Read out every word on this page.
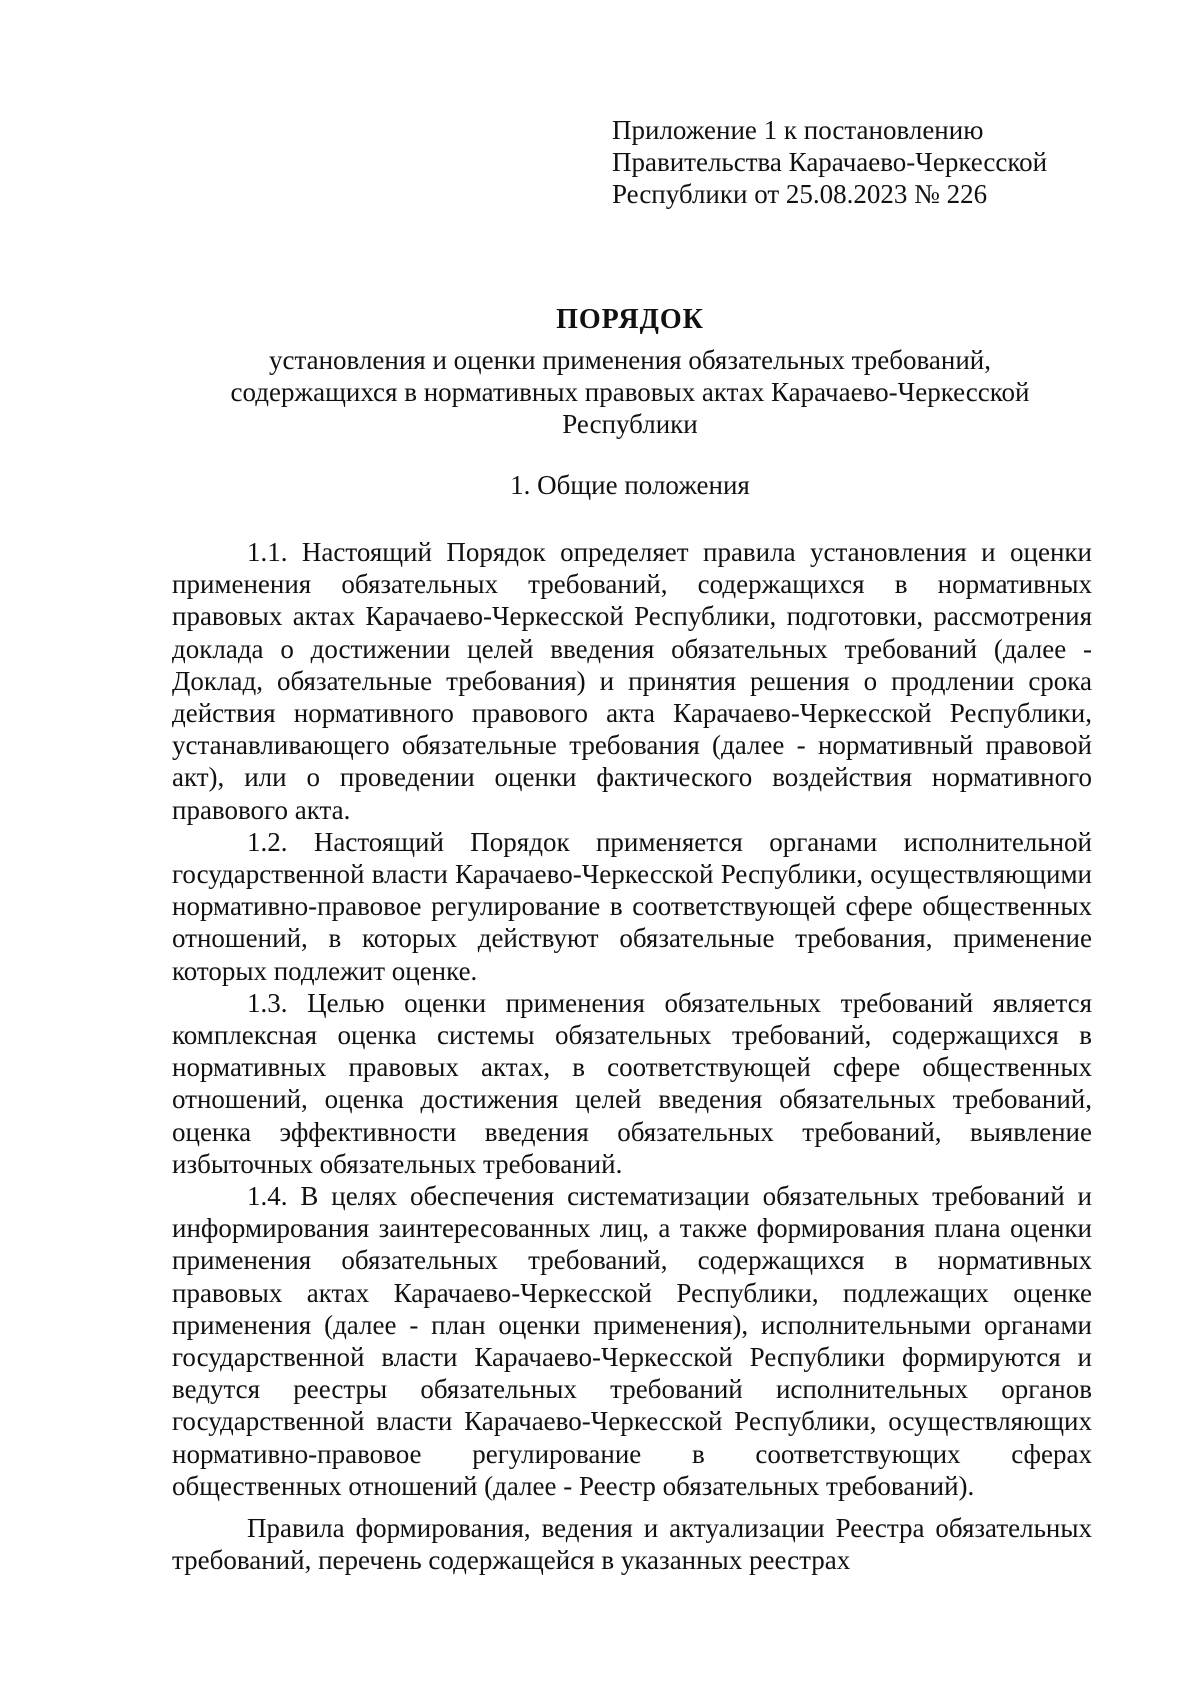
Приложение 1 к постановлению
Правительства Карачаево-Черкесской
Республики от 25.08.2023 № 226
ПОРЯДОК
установления и оценки применения обязательных требований,
содержащихся в нормативных правовых актах Карачаево-Черкесской
Республики
1. Общие положения

1.1. Настоящий Порядок определяет правила установления и оценки применения обязательных требований, содержащихся в нормативных правовых актах Карачаево-Черкесской Республики, подготовки, рассмотрения доклада о достижении целей введения обязательных требований (далее - Доклад, обязательные требования) и принятия решения о продлении срока действия нормативного правового акта Карачаево-Черкесской Республики, устанавливающего обязательные требования (далее - нормативный правовой акт), или о проведении оценки фактического воздействия нормативного правового акта.

1.2. Настоящий Порядок применяется органами исполнительной государственной власти Карачаево-Черкесской Республики, осуществляющими нормативно-правовое регулирование в соответствующей сфере общественных отношений, в которых действуют обязательные требования, применение которых подлежит оценке.

1.3. Целью оценки применения обязательных требований является комплексная оценка системы обязательных требований, содержащихся в нормативных правовых актах, в соответствующей сфере общественных отношений, оценка достижения целей введения обязательных требований, оценка эффективности введения обязательных требований, выявление избыточных обязательных требований.

1.4. В целях обеспечения систематизации обязательных требований и информирования заинтересованных лиц, а также формирования плана оценки применения обязательных требований, содержащихся в нормативных правовых актах Карачаево-Черкесской Республики, подлежащих оценке применения (далее - план оценки применения), исполнительными органами государственной власти Карачаево-Черкесской Республики формируются и ведутся реестры обязательных требований исполнительных органов государственной власти Карачаево-Черкесской Республики, осуществляющих нормативно-правовое регулирование в соответствующих сферах общественных отношений (далее - Реестр обязательных требований).

Правила формирования, ведения и актуализации Реестра обязательных требований, перечень содержащейся в указанных реестрах
